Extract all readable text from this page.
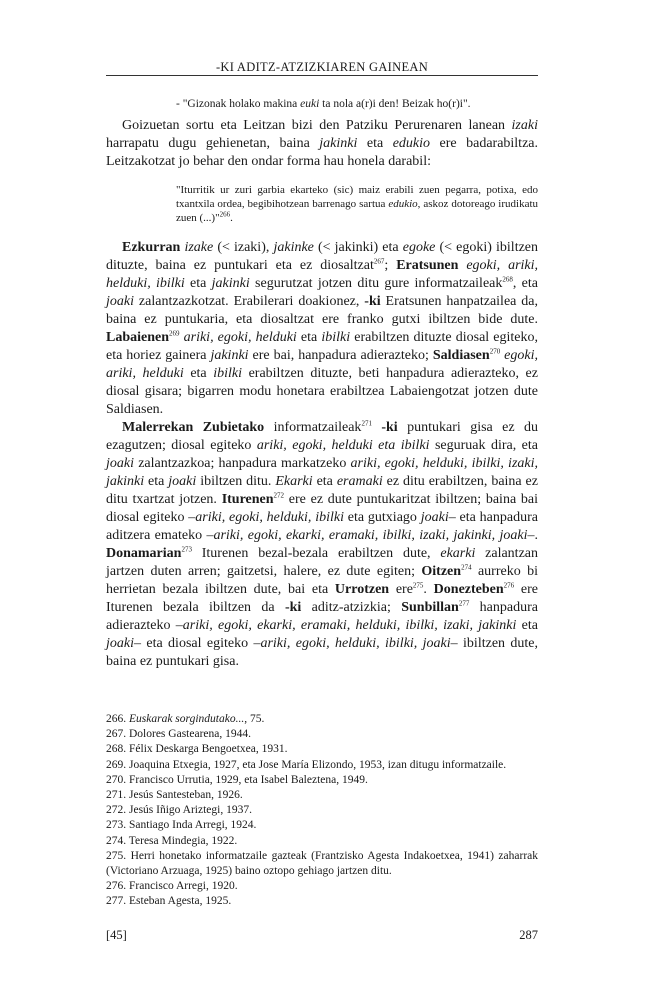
-KI ADITZ-ATZIZKIAREN GAINEAN
- "Gizonak holako makina euki ta nola a(r)i den! Beizak ho(r)i".

Goizuetan sortu eta Leitzan bizi den Patziku Perurenaren lanean izaki harrapatu dugu gehienetan, baina jakinki eta edukio ere badarabiltza. Leitzakotzat jo behar den ondar forma hau honela darabil:

"Iturritik ur zuri garbia ekarteko (sic) maiz erabili zuen pegarra, potixa, edo txantxila ordea, begibihotzean barrenago sartua edukio, askoz dotoreago irudikatu zuen (...)"$^{266}$.

Ezkurran izake (< izaki), jakinke (< jakinki) eta egoke (< egoki) ibiltzen dituzte, baina ez puntukari eta ez diosaltzat$^{267}$; Eratsunen egoki, ariki, helduki, ibilki eta jakinki segurutzat jotzen ditu gure informatzaileak$^{268}$, eta joaki zalantzazkotzat. Erabilerari doakionez, -ki Eratsunen hanpatzailea da, baina ez puntukaria, eta diosaltzat ere franko gutxi ibiltzen bide dute. Labaienen$^{269}$ ariki, egoki, helduki eta ibilki erabiltzen dituzte diosal egiteko, eta horiez gainera jakinki ere bai, hanpadura adierazteko; Saldiasen$^{270}$ egoki, ariki, helduki eta ibilki erabiltzen dituzte, beti hanpadura adierazteko, ez diosal gisara; bigarren modu honetara erabiltzea Labaiengotzat jotzen dute Saldiasen.

Malerrekan Zubietako informatzaileak$^{271}$ -ki puntukari gisa ez du ezagutzen; diosal egiteko ariki, egoki, helduki eta ibilki seguruak dira, eta joaki zalantzazkoa; hanpadura markatzeko ariki, egoki, helduki, ibilki, izaki, jakinki eta joaki ibiltzen ditu. Ekarki eta eramaki ez ditu erabiltzen, baina ez ditu txartzat jotzen. Iturenen$^{272}$ ere ez dute puntukaritzat ibiltzen; baina bai diosal egiteko –ariki, egoki, helduki, ibilki eta gutxiago joaki– eta hanpadura aditzera emateko –ariki, egoki, ekarki, eramaki, ibilki, izaki, jakinki, joaki–. Donamarian$^{273}$ Iturenen bezal-bezala erabiltzen dute, ekarki zalantzan jartzen duten arren; gaitzetsi, halere, ez dute egiten; Oitzen$^{274}$ aurreko bi herrietan bezala ibiltzen dute, bai eta Urrotzen ere$^{275}$. Donezteben$^{276}$ ere Iturenen bezala ibiltzen da -ki aditz-atzizkia; Sunbillan$^{277}$ hanpadura adierazteko –ariki, egoki, ekarki, eramaki, helduki, ibilki, izaki, jakinki eta joaki– eta diosal egiteko –ariki, egoki, helduki, ibilki, joaki– ibiltzen dute, baina ez puntukari gisa.

266. Euskarak sorgindutako..., 75.
267. Dolores Gastearena, 1944.
268. Félix Deskarga Bengoetxea, 1931.
269. Joaquina Etxegia, 1927, eta Jose María Elizondo, 1953, izan ditugu informatzaile.
270. Francisco Urrutia, 1929, eta Isabel Baleztena, 1949.
271. Jesús Santesteban, 1926.
272. Jesús Iñigo Ariztegi, 1937.
273. Santiago Inda Arregi, 1924.
274. Teresa Mindegia, 1922.
275. Herri honetako informatzaile gazteak (Frantzisko Agesta Indakoetxea, 1941) zaharrak (Victoriano Arzuaga, 1925) baino oztopo gehiago jartzen ditu.
276. Francisco Arregi, 1920.
277. Esteban Agesta, 1925.
[45]	287
